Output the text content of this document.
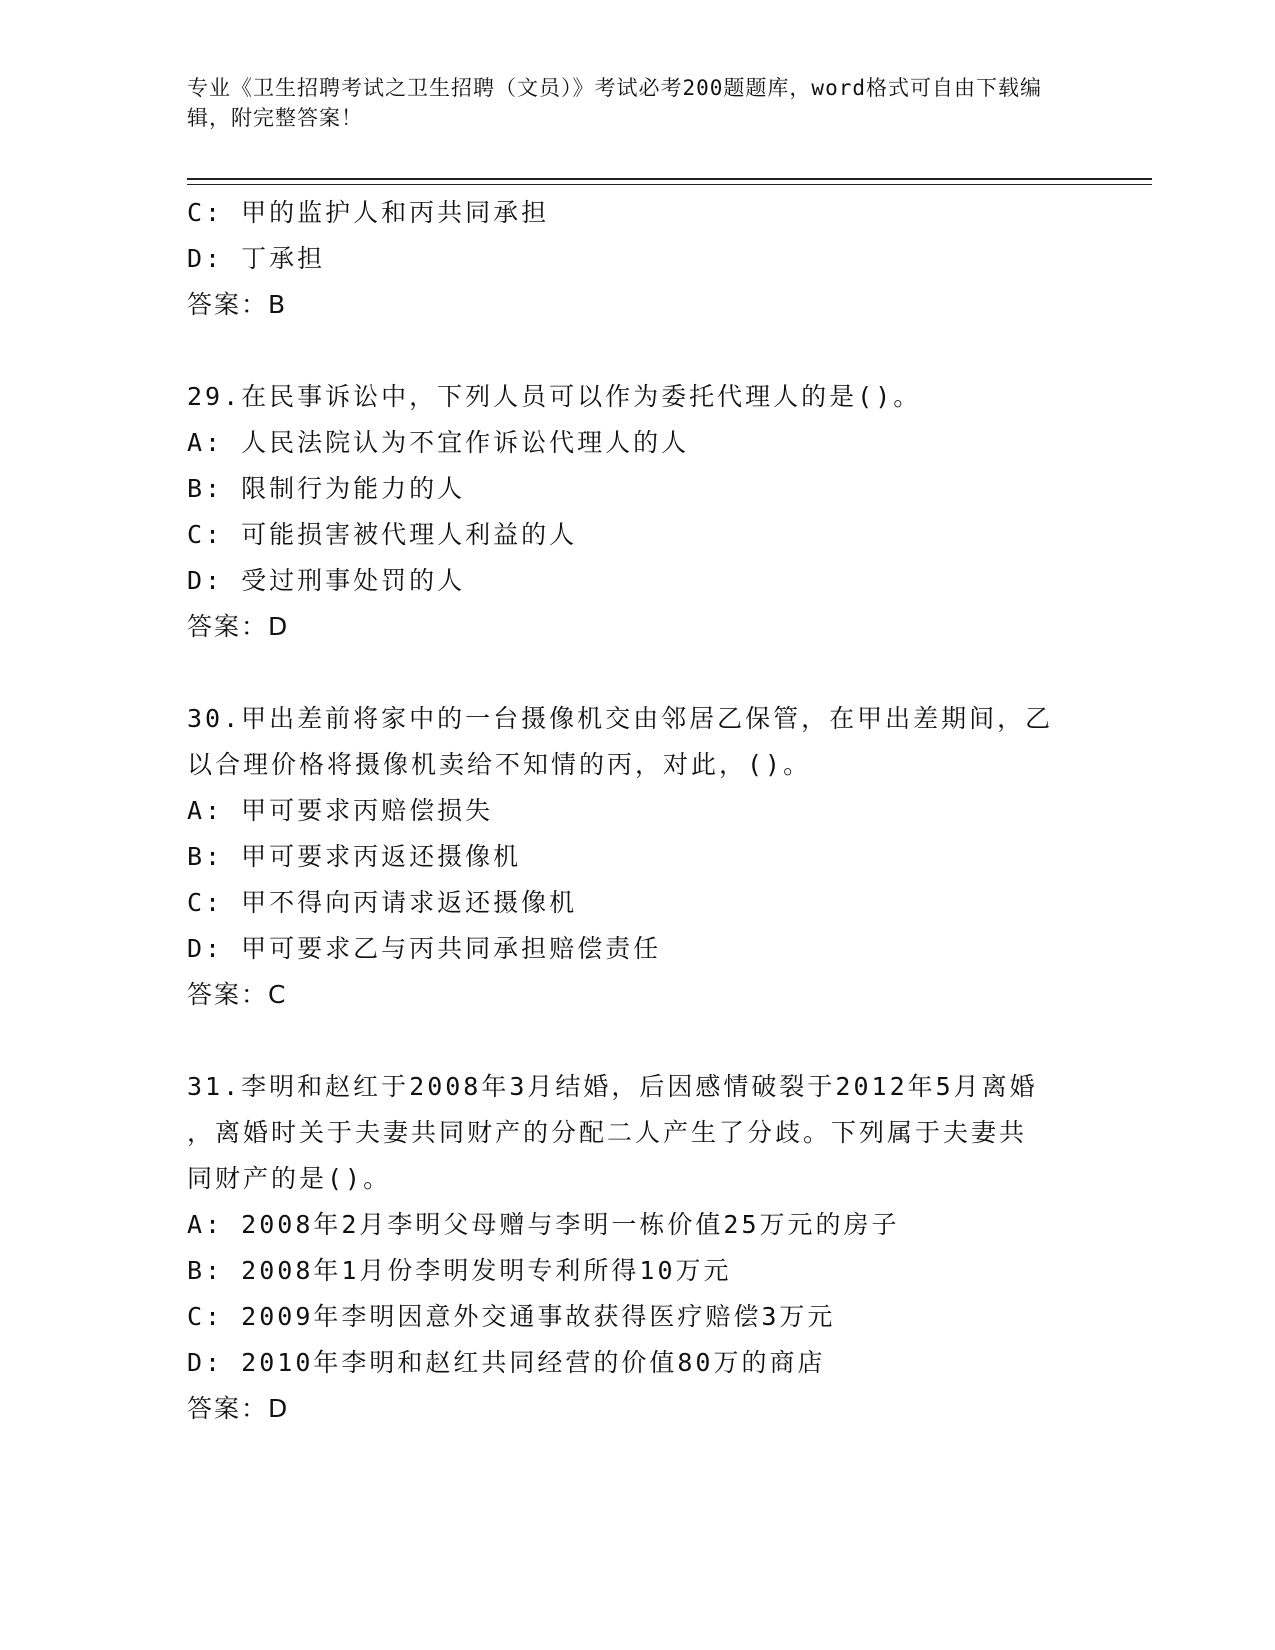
专业《卫生招聘考试之卫生招聘（文员）》考试必考200题题库，word格式可自由下载编辑，附完整答案！
C: 甲的监护人和丙共同承担
D: 丁承担
答案：B
29.在民事诉讼中，下列人员可以作为委托代理人的是()。
A: 人民法院认为不宜作诉讼代理人的人
B: 限制行为能力的人
C: 可能损害被代理人利益的人
D: 受过刑事处罚的人
答案：D
30.甲出差前将家中的一台摄像机交由邻居乙保管，在甲出差期间，乙
以合理价格将摄像机卖给不知情的丙，对此，()。
A: 甲可要求丙赔偿损失
B: 甲可要求丙返还摄像机
C: 甲不得向丙请求返还摄像机
D: 甲可要求乙与丙共同承担赔偿责任
答案：C
31.李明和赵红于2008年3月结婚，后因感情破裂于2012年5月离婚
，离婚时关于夫妻共同财产的分配二人产生了分歧。下列属于夫妻共
同财产的是()。
A: 2008年2月李明父母赠与李明一栋价值25万元的房子
B: 2008年1月份李明发明专利所得10万元
C: 2009年李明因意外交通事故获得医疗赔偿3万元
D: 2010年李明和赵红共同经营的价值80万的商店
答案：D
